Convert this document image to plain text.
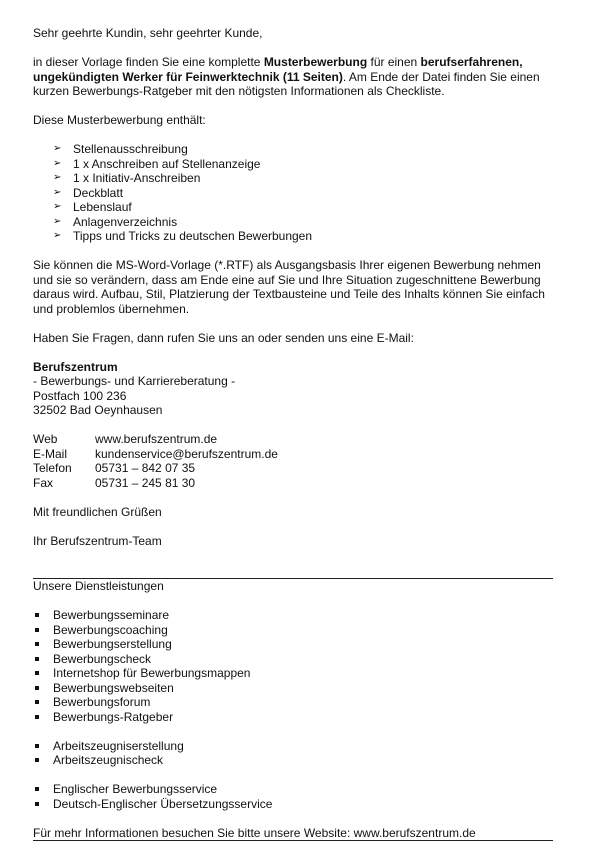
Sehr geehrte Kundin, sehr geehrter Kunde,

in dieser Vorlage finden Sie eine komplette Musterbewerbung für einen berufserfahrenen, ungekündigten Werker für Feinwerktechnik (11 Seiten). Am Ende der Datei finden Sie einen kurzen Bewerbungs-Ratgeber mit den nötigsten Informationen als Checkliste.

Diese Musterbewerbung enthält:

➢ Stellenausschreibung
➢ 1 x Anschreiben auf Stellenanzeige
➢ 1 x Initiativ-Anschreiben
➢ Deckblatt
➢ Lebenslauf
➢ Anlagenverzeichnis
➢ Tipps und Tricks zu deutschen Bewerbungen

Sie können die MS-Word-Vorlage (*.RTF) als Ausgangsbasis Ihrer eigenen Bewerbung nehmen und sie so verändern, dass am Ende eine auf Sie und Ihre Situation zugeschnittene Bewerbung daraus wird. Aufbau, Stil, Platzierung der Textbausteine und Teile des Inhalts können Sie einfach und problemlos übernehmen.

Haben Sie Fragen, dann rufen Sie uns an oder senden uns eine E-Mail:

Berufszentrum

- Bewerbungs- und Karriereberatung -

Postfach 100 236

32502 Bad Oeynhausen

Web	www.berufszentrum.de
E-Mail	kundenservice@berufszentrum.de
Telefon	05731 – 842 07 35
Fax	05731 – 245 81 30

Mit freundlichen Grüßen

Ihr Berufszentrum-Team

Unsere Dienstleistungen

Bewerbungsseminare
Bewerbungscoaching
Bewerbungserstellung
Bewerbungscheck
Internetshop für Bewerbungsmappen
Bewerbungswebseiten
Bewerbungsforum
Bewerbungs-Ratgeber
Arbeitszeugniserstellung
Arbeitszeugnischeck
Englischer Bewerbungsservice
Deutsch-Englischer Übersetzungsservice

Für mehr Informationen besuchen Sie bitte unsere Website: www.berufszentrum.de
